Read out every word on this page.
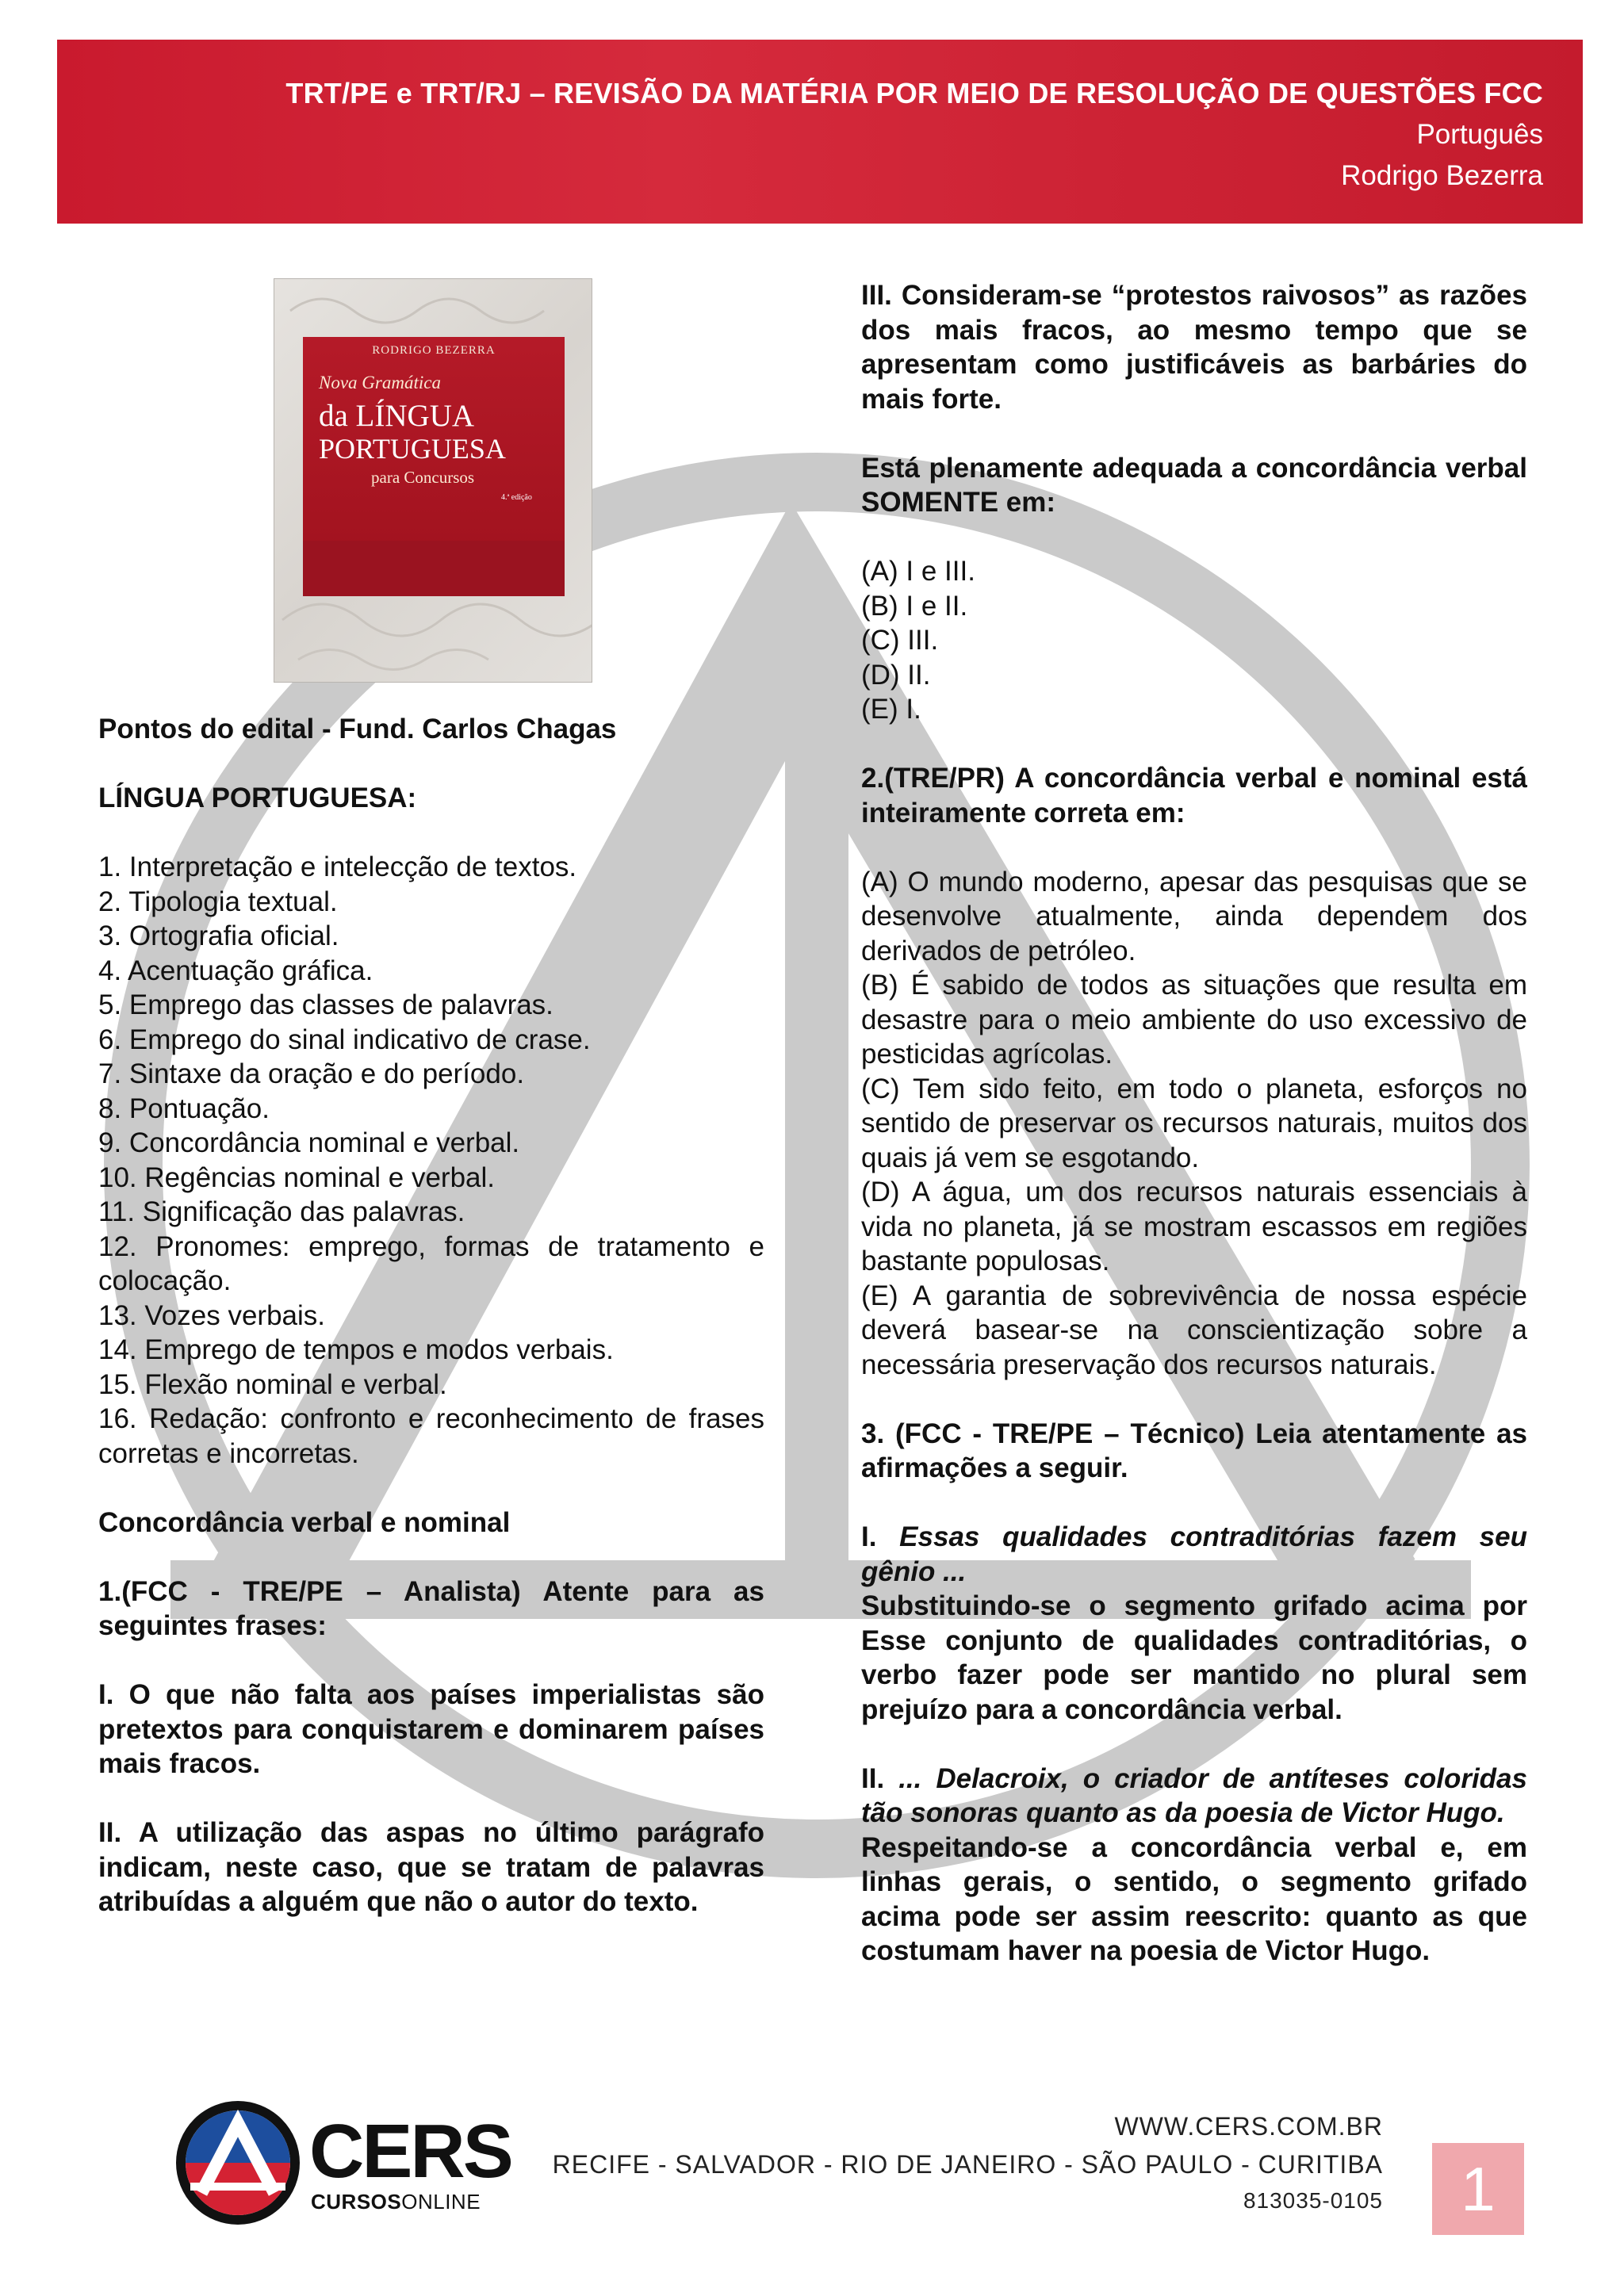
TRT/PE e TRT/RJ – REVISÃO DA MATÉRIA POR MEIO DE RESOLUÇÃO DE QUESTÕES FCC
Português
Rodrigo Bezerra
RODRIGO BEZERRA
Nova Gramática
da LÍNGUA
PORTUGUESA
para Concursos
4.ª edição

Pontos do edital - Fund. Carlos Chagas

LÍNGUA PORTUGUESA:

1. Interpretação e intelecção de textos.

2. Tipologia textual.

3. Ortografia oficial.

4. Acentuação gráfica.

5. Emprego das classes de palavras.

6. Emprego do sinal indicativo de crase.

7. Sintaxe da oração e do período.

8. Pontuação.

9. Concordância nominal e verbal.

10. Regências nominal e verbal.

11. Significação das palavras.

12. Pronomes: emprego, formas de tratamento e colocação.

13. Vozes verbais.

14. Emprego de tempos e modos verbais.

15. Flexão nominal e verbal.

16. Redação: confronto e reconhecimento de frases corretas e incorretas.

Concordância verbal e nominal

1.(FCC - TRE/PE – Analista) Atente para as seguintes frases:

I. O que não falta aos países imperialistas são pretextos para conquistarem e dominarem países mais fracos.

II. A utilização das aspas no último parágrafo indicam, neste caso, que se tratam de palavras atribuídas a alguém que não o autor do texto.

III. Consideram-se “protestos raivosos” as razões dos mais fracos, ao mesmo tempo que se apresentam como justificáveis as barbáries do mais forte.

Está plenamente adequada a concordância verbal SOMENTE em:

(A) I e III.

(B) I e II.

(C) III.

(D) II.

(E) I.

2.(TRE/PR) A concordância verbal e nominal está inteiramente correta em:

(A) O mundo moderno, apesar das pesquisas que se desenvolve atualmente, ainda dependem dos derivados de petróleo.

(B) É sabido de todos as situações que resulta em desastre para o meio ambiente do uso excessivo de pesticidas agrícolas.

(C) Tem sido feito, em todo o planeta, esforços no sentido de preservar os recursos naturais, muitos dos quais já vem se esgotando.

(D) A água, um dos recursos naturais essenciais à vida no planeta, já se mostram escassos em regiões bastante populosas.

(E) A garantia de sobrevivência de nossa espécie deverá basear-se na conscientização sobre a necessária preservação dos recursos naturais.

3. (FCC - TRE/PE – Técnico) Leia atentamente as afirmações a seguir.

I. Essas qualidades contraditórias fazem seu gênio ...

Substituindo-se o segmento grifado acima por Esse conjunto de qualidades contraditórias, o verbo fazer pode ser mantido no plural sem prejuízo para a concordância verbal.

II. ... Delacroix, o criador de antíteses coloridas tão sonoras quanto as da poesia de Victor Hugo.

Respeitando-se a concordância verbal e, em linhas gerais, o sentido, o segmento grifado acima pode ser assim reescrito: quanto as que costumam haver na poesia de Victor Hugo.

CERS
CURSOSONLINE
WWW.CERS.COM.BR
RECIFE - SALVADOR - RIO DE JANEIRO - SÃO PAULO - CURITIBA
813035-0105	1
